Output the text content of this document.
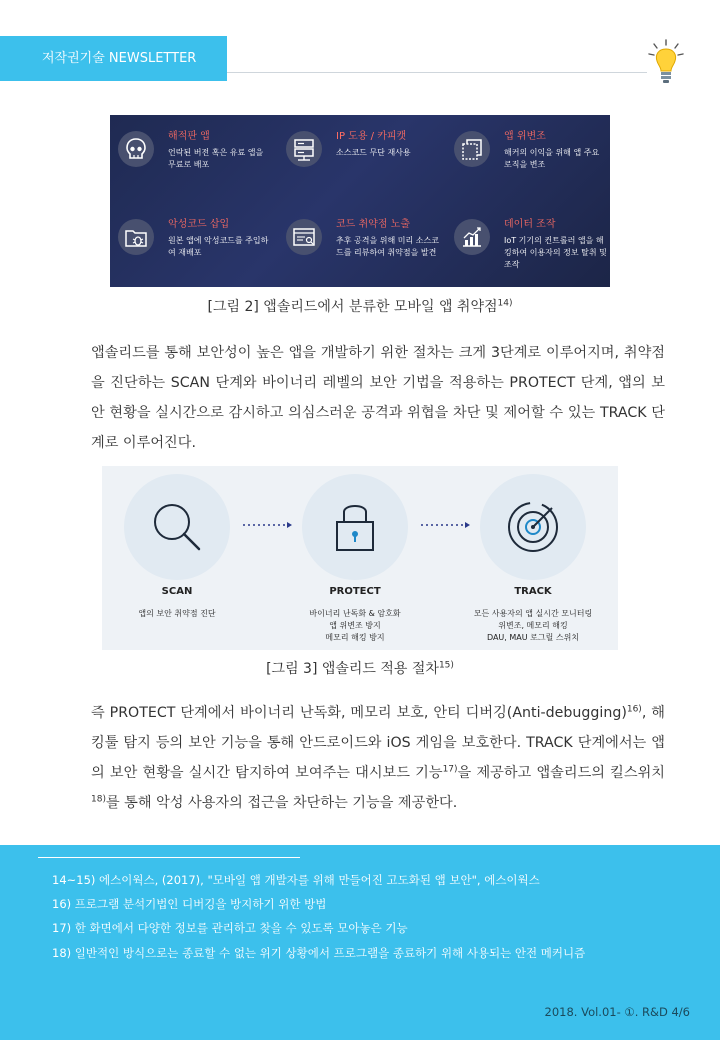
저작권기술 NEWSLETTER
해적판 앱
언락된 버전 혹은 유료 앱을 무료로 배포
IP 도용 / 카피캣
소스코드 무단 재사용
앱 위변조
해커의 이익을 위해 앱 주요 로직을 변조
악성코드 삽입
원본 앱에 악성코드를 주입하여 재배포
코드 취약점 노출
추후 공격을 위해 미리 소스코드를 리뷰하여 취약점을 발견
데이터 조작
IoT 기기의 컨트롤러 앱을 해킹하여 이용자의 정보 탈취 및 조작
[그림 2] 앱솔리드에서 분류한 모바일 앱 취약점$^{14)}$
앱솔리드를 통해 보안성이 높은 앱을 개발하기 위한 절차는 크게 3단계로 이루어지며, 취약점을 진단하는 SCAN 단계와 바이너리 레벨의 보안 기법을 적용하는 PROTECT 단계, 앱의 보안 현황을 실시간으로 감시하고 의심스러운 공격과 위협을 차단 및 제어할 수 있는 TRACK 단계로 이루어진다.
SCAN	PROTECT	TRACK
앱의 보안 취약점 진단	바이너리 난독화 & 암호화
앱 위변조 방지
메모리 해킹 방지
모든 사용자의 앱 실시간 모니터링
위변조, 메모리 해킹
DAU, MAU 로그릴 스위치
[그림 3] 앱솔리드 적용 절차$^{15)}$
즉 PROTECT 단계에서 바이너리 난독화, 메모리 보호, 안티 디버깅(Anti-debugging)$^{16)}$, 해킹툴 탐지 등의 보안 기능을 통해 안드로이드와 iOS 게임을 보호한다. TRACK 단계에서는 앱의 보안 현황을 실시간 탐지하여 보여주는 대시보드 기능$^{17)}$을 제공하고 앱솔리드의 킬스위치$^{18)}$를 통해 악성 사용자의 접근을 차단하는 기능을 제공한다.
14~15) 에스이웍스, (2017), "모바일 앱 개발자를 위해 만들어진 고도화된 앱 보안", 에스이웍스
16) 프로그램 분석기법인 디버깅을 방지하기 위한 방법
17) 한 화면에서 다양한 정보를 관리하고 찾을 수 있도록 모아놓은 기능
18) 일반적인 방식으로는 종료할 수 없는 위기 상황에서 프로그램을 종료하기 위해 사용되는 안전 메커니즘
2018. Vol.01- ①. R&D 4/6
